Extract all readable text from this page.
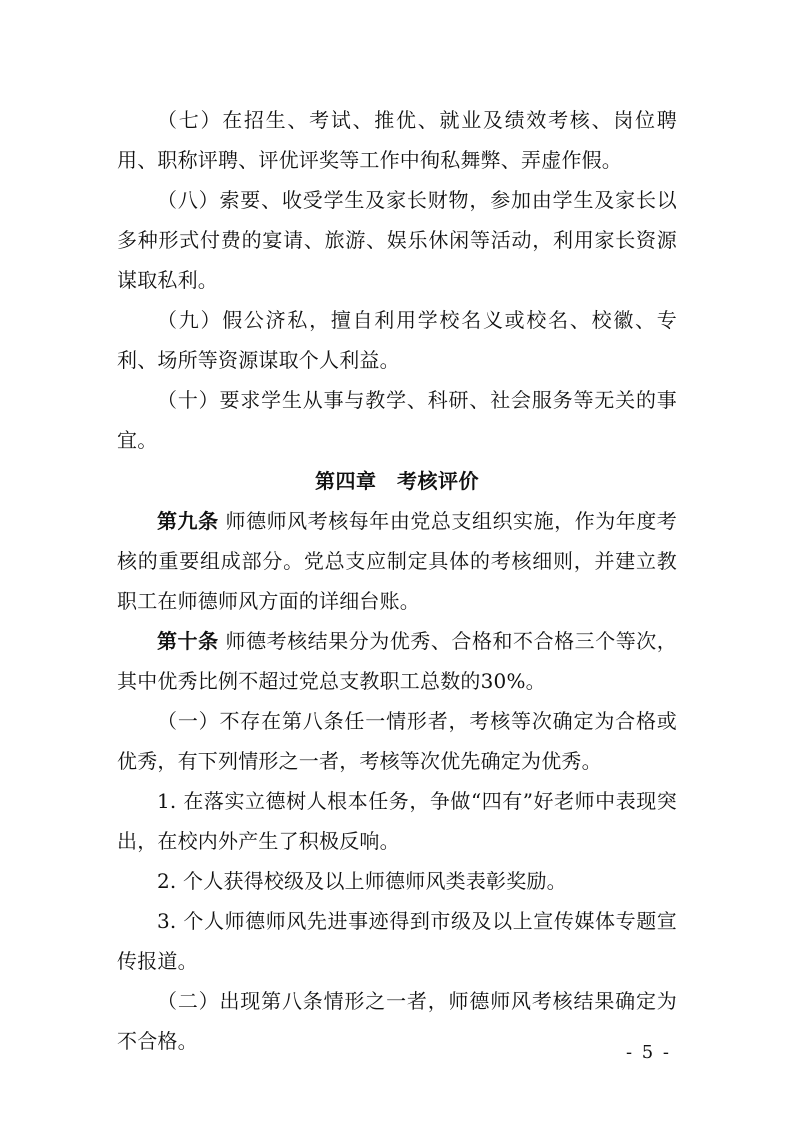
（七）在招生、考试、推优、就业及绩效考核、岗位聘用、职称评聘、评优评奖等工作中徇私舞弊、弄虚作假。

（八）索要、收受学生及家长财物，参加由学生及家长以多种形式付费的宴请、旅游、娱乐休闲等活动，利用家长资源谋取私利。

（九）假公济私，擅自利用学校名义或校名、校徽、专利、场所等资源谋取个人利益。

（十）要求学生从事与教学、科研、社会服务等无关的事宜。

第四章　考核评价

第九条 师德师风考核每年由党总支组织实施，作为年度考核的重要组成部分。党总支应制定具体的考核细则，并建立教职工在师德师风方面的详细台账。

第十条 师德考核结果分为优秀、合格和不合格三个等次，其中优秀比例不超过党总支教职工总数的30%。

（一）不存在第八条任一情形者，考核等次确定为合格或优秀，有下列情形之一者，考核等次优先确定为优秀。

1. 在落实立德树人根本任务，争做“四有”好老师中表现突出，在校内外产生了积极反响。

2. 个人获得校级及以上师德师风类表彰奖励。

3. 个人师德师风先进事迹得到市级及以上宣传媒体专题宣传报道。

（二）出现第八条情形之一者，师德师风考核结果确定为不合格。	- 5 -
